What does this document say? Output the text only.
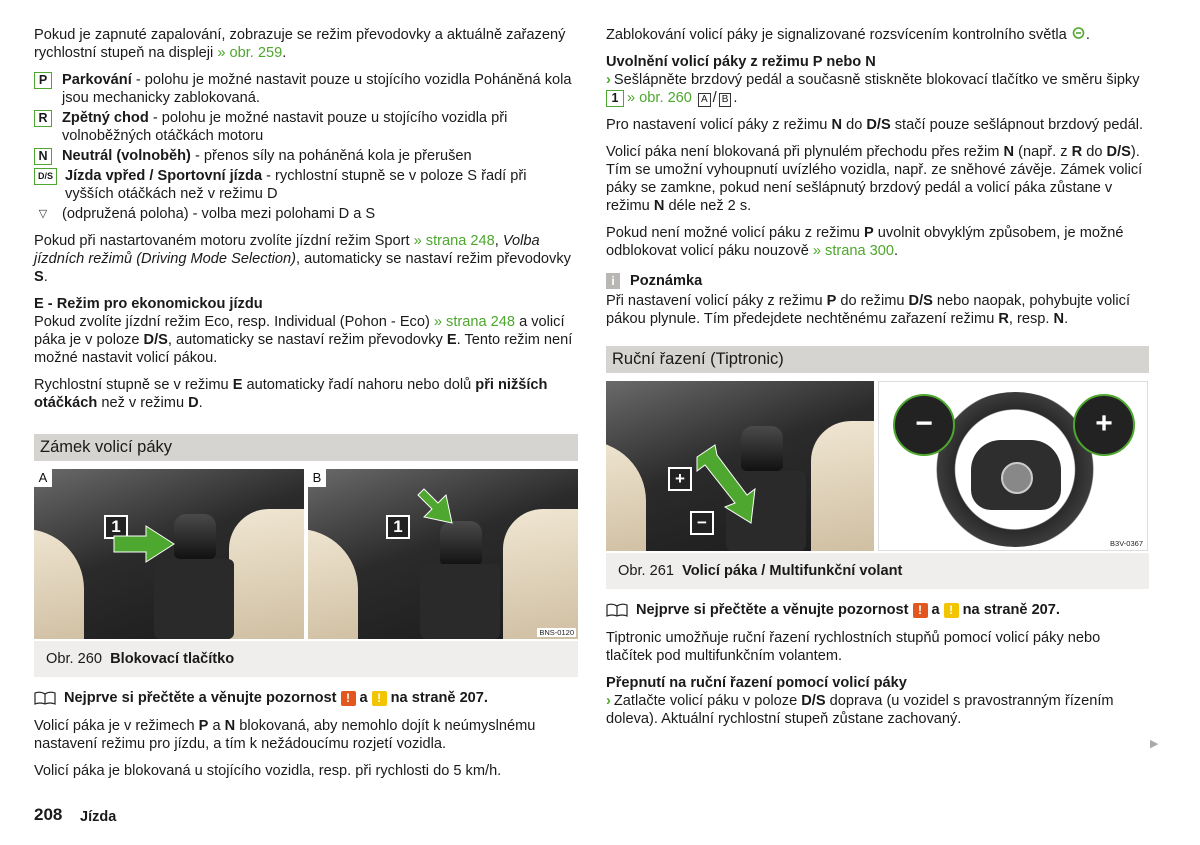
Pokud je zapnuté zapalování, zobrazuje se režim převodovky a aktuálně zařazený rychlostní stupeň na displeji » obr. 259.

P	Parkování - polohu je možné nastavit pouze u stojícího vozidla Poháněná kola jsou mechanicky zablokovaná.
R Zpětný chod - polohu je možné nastavit pouze u stojícího vozidla při volnoběžných otáčkách motoru
N Neutrál (volnoběh) - přenos síly na poháněná kola je přerušen
D/S Jízda vpřed / Sportovní jízda - rychlostní stupně se v poloze S řadí při vyšších otáčkách než v režimu D
▽	(odpružená poloha) - volba mezi polohami D a S

Pokud při nastartovaném motoru zvolíte jízdní režim Sport » strana 248, Volba jízdních režimů (Driving Mode Selection), automaticky se nastaví režim převodovky S.

E - Režim pro ekonomickou jízdu

Pokud zvolíte jízdní režim Eco, resp. Individual (Pohon - Eco) » strana 248 a volicí páka je v poloze D/S, automaticky se nastaví režim převodovky E. Tento režim není možné nastavit volicí pákou.

Rychlostní stupně se v režimu E automaticky řadí nahoru nebo dolů při nižších otáčkách než v režimu D.

Zámek volicí páky
1
A
1
B
BNS-0120
Obr. 260 Blokovací tlačítko
Nejprve si přečtěte a věnujte pozornost ! a ! na straně 207.

Volicí páka je v režimech P a N blokovaná, aby nemohlo dojít k neúmyslnému nastavení režimu pro jízdu, a tím k nežádoucímu rozjetí vozidla.

Volicí páka je blokovaná u stojícího vozidla, resp. při rychlosti do 5 km/h.

Zablokování volicí páky je signalizované rozsvícením kontrolního světla .

Uvolnění volicí páky z režimu P nebo N

› Sešlápněte brzdový pedál a současně stiskněte blokovací tlačítko ve směru šipky 1 » obr. 260 A / B .

Pro nastavení volicí páky z režimu N do D/S stačí pouze sešlápnout brzdový pedál.

Volicí páka není blokovaná při plynulém přechodu přes režim N (např. z R do D/S). Tím se umožní vyhoupnutí uvízlého vozidla, např. ze sněhové závěje. Zámek volicí páky se zamkne, pokud není sešlápnutý brzdový pedál a volicí páka zůstane v režimu N déle než 2 s.

Pokud není možné volicí páku z režimu P uvolnit obvyklým způsobem, je možné odblokovat volicí páku nouzově » strana 300.

i	Poznámka

Při nastavení volicí páky z režimu P do režimu D/S nebo naopak, pohybujte volicí pákou plynule. Tím předejdete nechtěnému zařazení režimu R, resp. N.

Ruční řazení (Tiptronic)
+
−
−	+
B3V-0367
Obr. 261 Volicí páka / Multifunkční volant
Nejprve si přečtěte a věnujte pozornost ! a ! na straně 207.

Tiptronic umožňuje ruční řazení rychlostních stupňů pomocí volicí páky nebo tlačítek pod multifunkčním volantem.

Přepnutí na ruční řazení pomocí volicí páky

› Zatlačte volicí páku v poloze D/S doprava (u vozidel s pravostranným řízením doleva). Aktuální rychlostní stupeň zůstane zachovaný.

▶
208 Jízda
